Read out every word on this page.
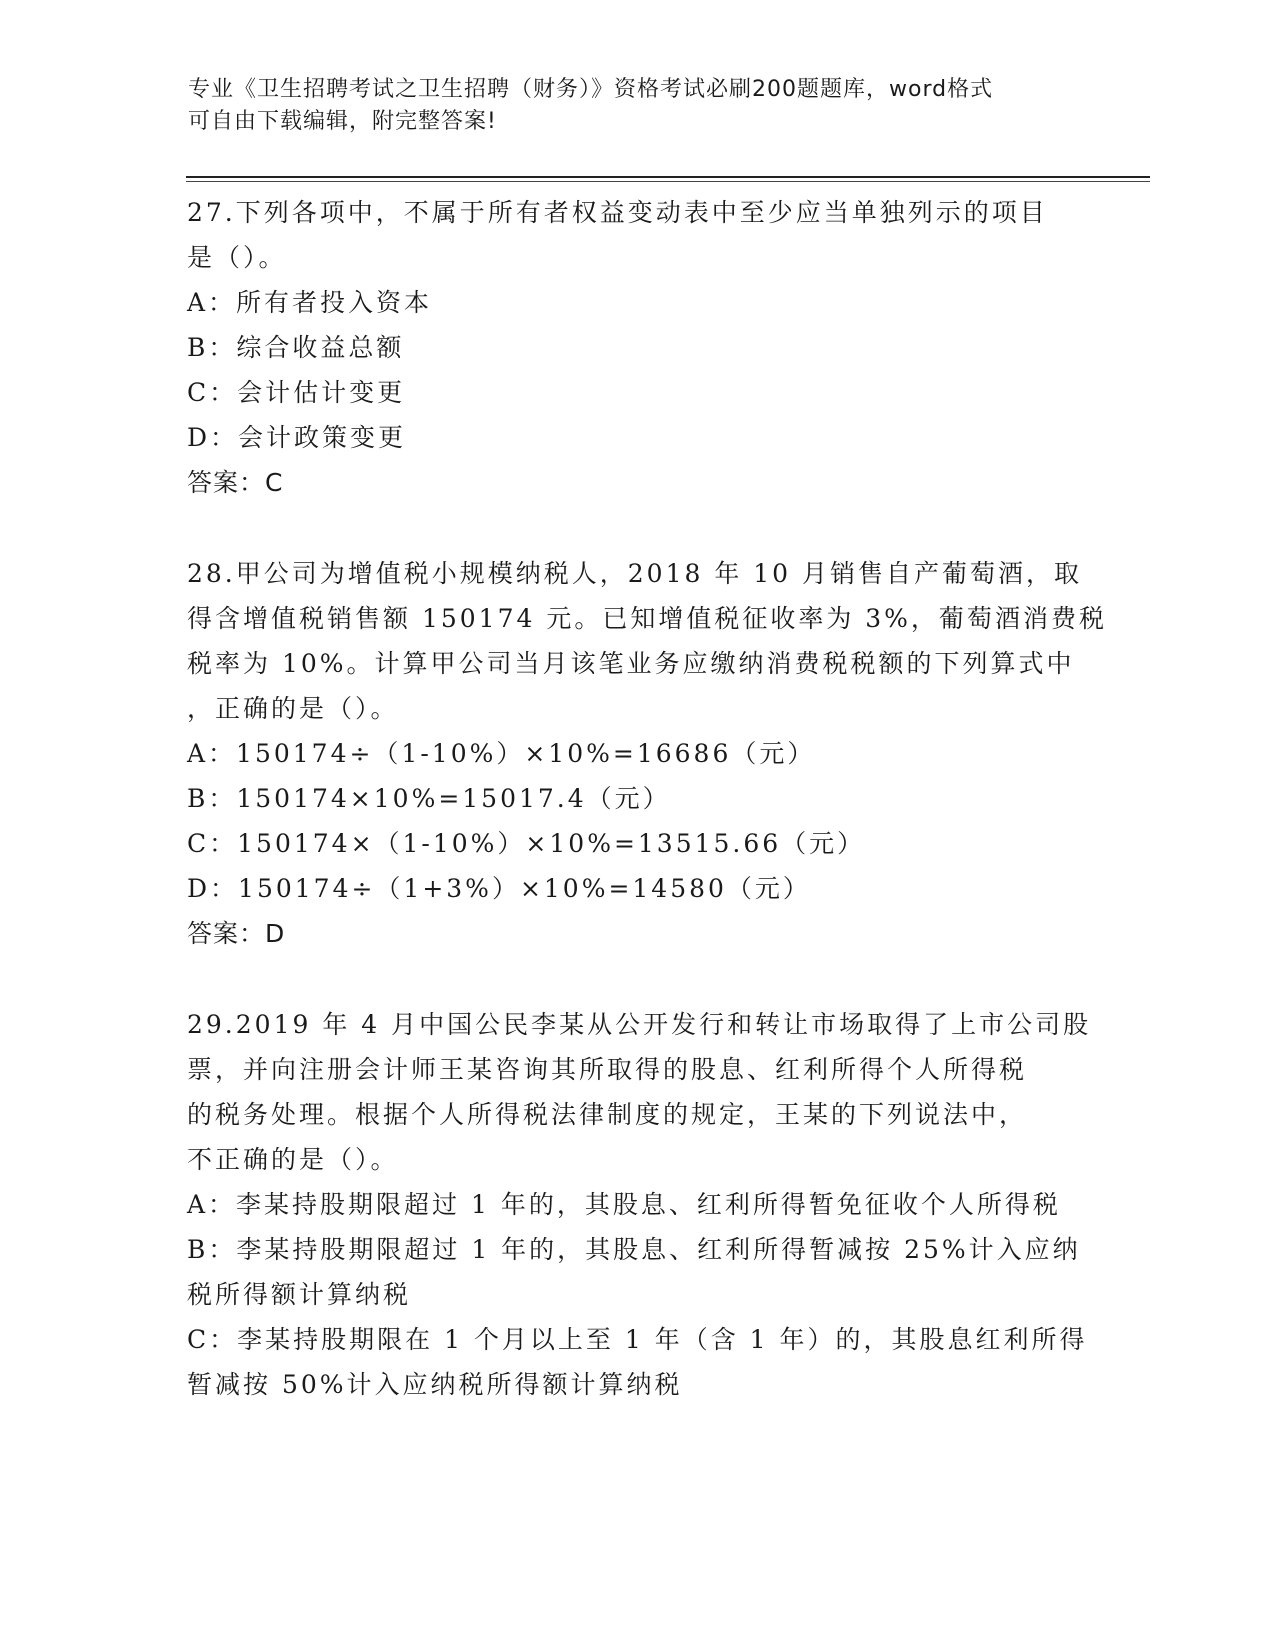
专业《卫生招聘考试之卫生招聘（财务）》资格考试必刷200题题库，word格式
可自由下载编辑，附完整答案!
27.下列各项中，不属于所有者权益变动表中至少应当单独列示的项目
是（）。
A：所有者投入资本
B：综合收益总额
C：会计估计变更
D：会计政策变更
答案：C
28.甲公司为增值税小规模纳税人，2018 年 10 月销售自产葡萄酒，取
得含增值税销售额 150174 元。已知增值税征收率为 3%，葡萄酒消费税
税率为 10%。计算甲公司当月该笔业务应缴纳消费税税额的下列算式中
，正确的是（）。
A：150174÷（1-10%）×10%=16686（元）
B：150174×10%=15017.4（元）
C：150174×（1-10%）×10%=13515.66（元）
D：150174÷（1+3%）×10%=14580（元）
答案：D
29.2019 年 4 月中国公民李某从公开发行和转让市场取得了上市公司股
票，并向注册会计师王某咨询其所取得的股息、红利所得个人所得税
的税务处理。根据个人所得税法律制度的规定，王某的下列说法中，
不正确的是（）。
A：李某持股期限超过 1 年的，其股息、红利所得暂免征收个人所得税
B：李某持股期限超过 1 年的，其股息、红利所得暂减按 25%计入应纳
税所得额计算纳税
C：李某持股期限在 1 个月以上至 1 年（含 1 年）的，其股息红利所得
暂减按 50%计入应纳税所得额计算纳税
